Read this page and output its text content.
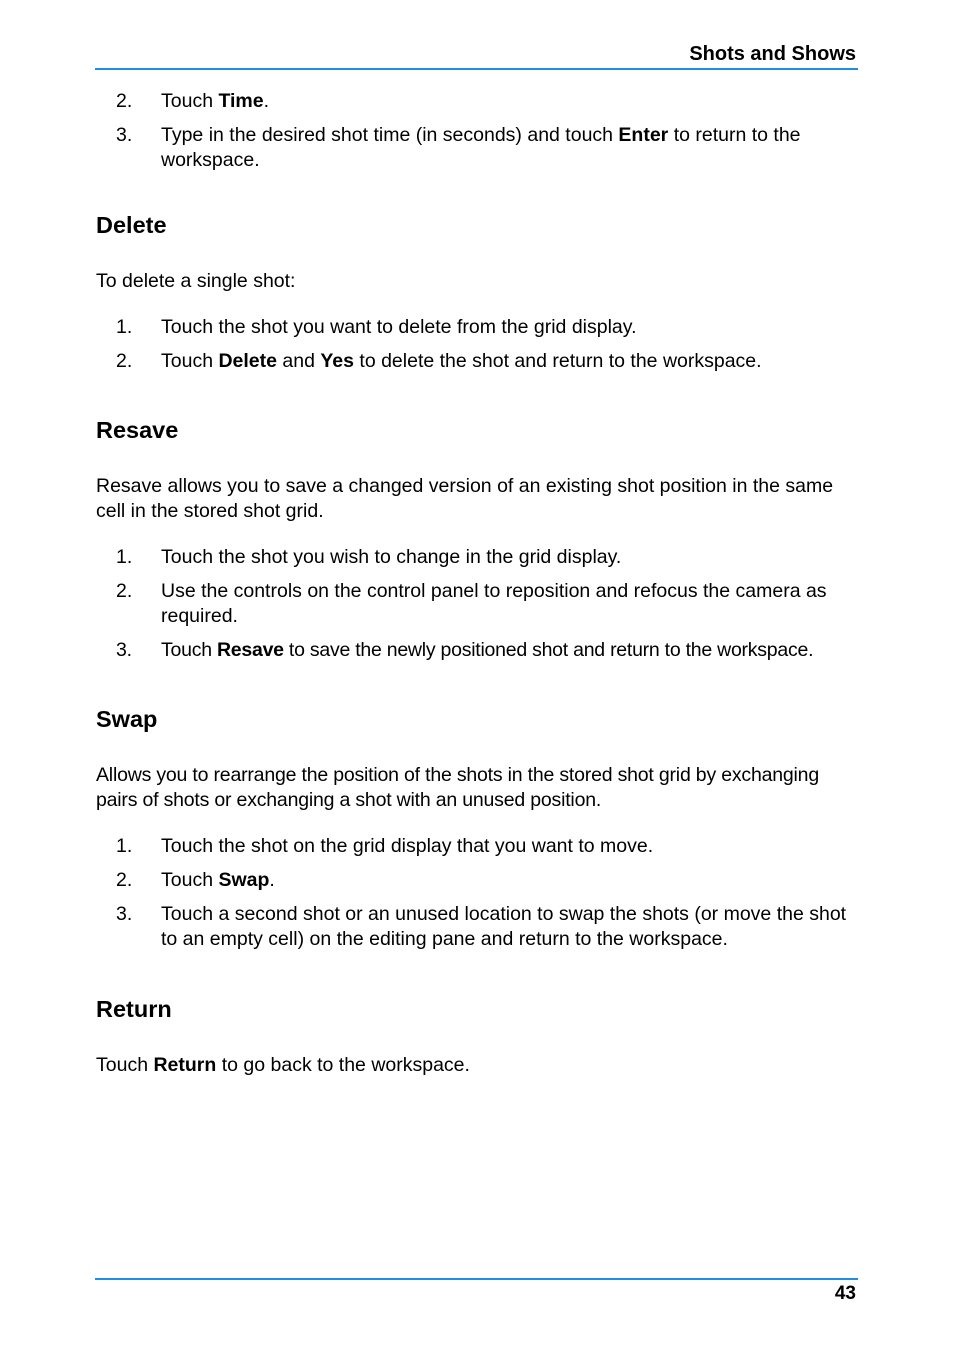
Shots and Shows
2. Touch Time.
3. Type in the desired shot time (in seconds) and touch Enter to return to the workspace.
Delete

To delete a single shot:

1. Touch the shot you want to delete from the grid display.
2. Touch Delete and Yes to delete the shot and return to the workspace.
Resave

Resave allows you to save a changed version of an existing shot position in the same cell in the stored shot grid.

1. Touch the shot you wish to change in the grid display.
2. Use the controls on the control panel to reposition and refocus the camera as required.
3. Touch Resave to save the newly positioned shot and return to the workspace.
Swap

Allows you to rearrange the position of the shots in the stored shot grid by exchanging pairs of shots or exchanging a shot with an unused position.

1. Touch the shot on the grid display that you want to move.
2. Touch Swap.
3. Touch a second shot or an unused location to swap the shots (or move the shot to an empty cell) on the editing pane and return to the workspace.
Return

Touch Return to go back to the workspace.

43
